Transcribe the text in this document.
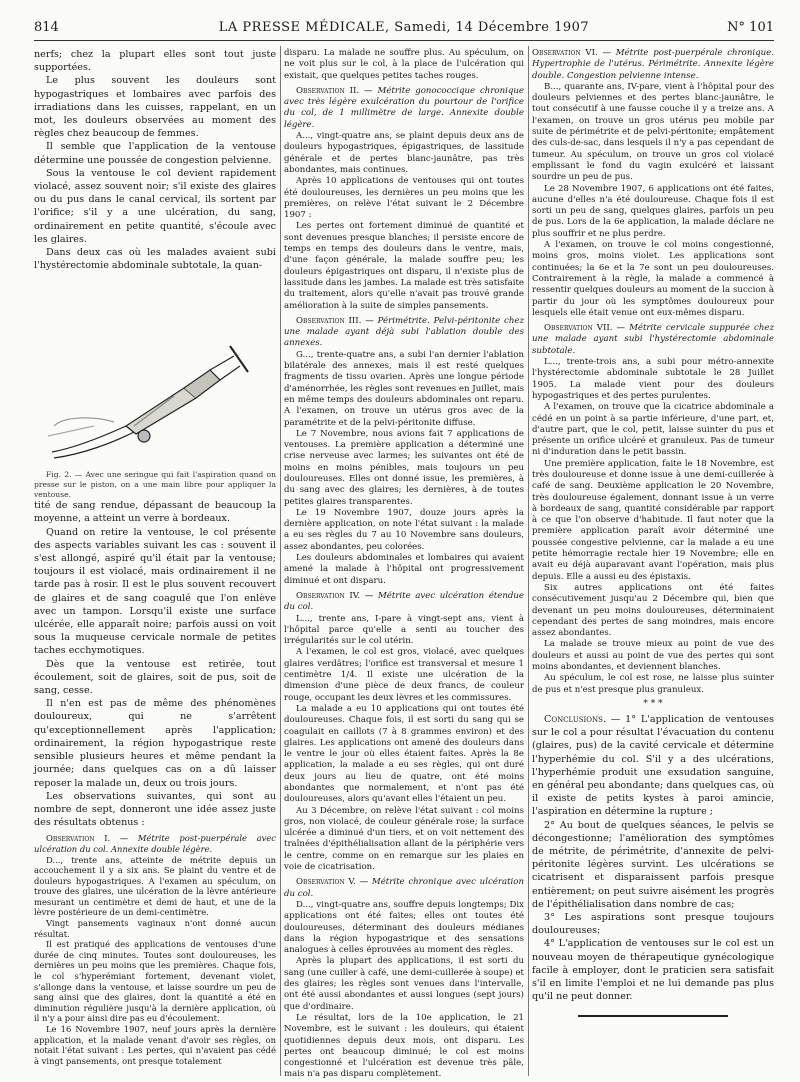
814	LA PRESSE MÉDICALE, Samedi, 14 Décembre 1907	N° 101

nerfs; chez la plupart elles sont tout juste supportées.

Le plus souvent les douleurs sont hypogastriques et lombaires avec parfois des irradiations dans les cuisses, rappelant, en un mot, les douleurs observées au moment des règles chez beaucoup de femmes.

Il semble que l'application de la ventouse détermine une poussée de congestion pelvienne.

Sous la ventouse le col devient rapidement violacé, assez souvent noir; s'il existe des glaires ou du pus dans le canal cervical, ils sortent par l'orifice; s'il y a une ulcération, du sang, ordinairement en petite quantité, s'écoule avec les glaires.

Dans deux cas où les malades avaient subi l'hystérectomie abdominale subtotale, la quan-

Fig. 2. — Avec une seringue qui fait l'aspiration quand on presse sur le piston, on a une main libre pour appliquer la ventouse.

tité de sang rendue, dépassant de beaucoup la moyenne, a atteint un verre à bordeaux.

Quand on retire la ventouse, le col présente des aspects variables suivant les cas : souvent il s'est allongé, aspiré qu'il était par la ventouse; toujours il est violacé, mais ordinairement il ne tarde pas à rosir. Il est le plus souvent recouvert de glaires et de sang coagulé que l'on enlève avec un tampon. Lorsqu'il existe une surface ulcérée, elle apparaît noire; parfois aussi on voit sous la muqueuse cervicale normale de petites taches ecchymotiques.

Dès que la ventouse est retirée, tout écoulement, soit de glaires, soit de pus, soit de sang, cesse.

Il n'en est pas de même des phénomènes douloureux, qui ne s'arrêtent qu'exceptionnellement après l'application; ordinairement, la région hypogastrique reste sensible plusieurs heures et même pendant la journée; dans quelques cas on a dû laisser reposer la malade un, deux ou trois jours.

Les observations suivantes, qui sont au nombre de sept, donneront une idée assez juste des résultats obtenus :

Observation I. — Métrite post-puerpérale avec ulcération du col. Annexite double légère.

D..., trente ans, atteinte de métrite depuis un accouchement il y a six ans. Se plaint du ventre et de douleurs hypogastriques. A l'examen au spéculum, on trouve des glaires, une ulcération de la lèvre antérieure mesurant un centimètre et demi de haut, et une de la lèvre postérieure de un demi-centimètre.

Vingt pansements vaginaux n'ont donné aucun résultat.

Il est pratiqué des applications de ventouses d'une durée de cinq minutes. Toutes sont douloureuses, les dernières un peu moins que les premières. Chaque fois, le col s'hyperémiant fortement, devenant violet, s'allonge dans la ventouse, et laisse sourdre un peu de sang ainsi que des glaires, dont la quantité a été en diminution régulière jusqu'à la dernière application, où il n'y a pour ainsi dire pas eu d'écoulement.

Le 16 Novembre 1907, neuf jours après la dernière application, et la malade venant d'avoir ses règles, on notait l'état suivant : Les pertes, qui n'avaient pas cédé à vingt pansements, ont presque totalement

disparu. La malade ne souffre plus. Au spéculum, on ne voit plus sur le col, à la place de l'ulcération qui existait, que quelques petites taches rouges.

Observation II. — Métrite gonococcique chronique avec très légère exulcération du pourtour de l'orifice du col, de 1 millimètre de large. Annexite double légère.

A..., vingt-quatre ans, se plaint depuis deux ans de douleurs hypogastriques, épigastriques, de lassitude générale et de pertes blanc-jaunâtre, pas très abondantes, mais continues.

Après 10 applications de ventouses qui ont toutes été douloureuses, les dernières un peu moins que les premières, on relève l'état suivant le 2 Décembre 1907 :

Les pertes ont fortement diminué de quantité et sont devenues presque blanches; il persiste encore de temps en temps des douleurs dans le ventre, mais, d'une façon générale, la malade souffre peu; les douleurs épigastriques ont disparu, il n'existe plus de lassitude dans les jambes. La malade est très satisfaite du traitement, alors qu'elle n'avait pas trouvé grande amélioration à la suite de simples pansements.

Observation III. — Périmétrite. Pelvi-péritonite chez une malade ayant déjà subi l'ablation double des annexes.

G..., trente-quatre ans, a subi l'an dernier l'ablation bilatérale des annexes, mais il est resté quelques fragments de tissu ovarien. Après une longue période d'aménorrhée, les règles sont revenues en Juillet, mais en même temps des douleurs abdominales ont reparu. A l'examen, on trouve un utérus gros avec de la paramétrite et de la pelvi-péritonite diffuse.

Le 7 Novembre, nous avions fait 7 applications de ventouses. La première application a déterminé une crise nerveuse avec larmes; les suivantes ont été de moins en moins pénibles, mais toujours un peu douloureuses. Elles ont donné issue, les premières, à du sang avec des glaires; les dernières, à de toutes petites glaires transparentes.

Le 19 Novembre 1907, douze jours après la dernière application, on note l'état suivant : la malade a eu ses règles du 7 au 10 Novembre sans douleurs, assez abondantes, peu colorées.

Les douleurs abdominales et lombaires qui avaient amené la malade à l'hôpital ont progressivement diminué et ont disparu.

Observation IV. — Métrite avec ulcération étendue du col.

L..., trente ans, I-pare à vingt-sept ans, vient à l'hôpital parce qu'elle a senti au toucher des irrégularités sur le col utérin.

A l'examen, le col est gros, violacé, avec quelques glaires verdâtres; l'orifice est transversal et mesure 1 centimètre 1/4. Il existe une ulcération de la dimension d'une pièce de deux francs, de couleur rouge, occupant les deux lèvres et les commissures.

La malade a eu 10 applications qui ont toutes été douloureuses. Chaque fois, il est sorti du sang qui se coagulait en caillots (7 à 8 grammes environ) et des glaires. Les applications ont amené des douleurs dans le ventre le jour où elles étaient faites. Après la 8e application, la malade a eu ses règles, qui ont duré deux jours au lieu de quatre, ont été moins abondantes que normalement, et n'ont pas été douloureuses, alors qu'avant elles l'étaient un peu.

Au 3 Décembre, on relève l'état suivant : col moins gros, non violacé, de couleur générale rose; la surface ulcérée a diminué d'un tiers, et on voit nettement des traînées d'épithélialisation allant de la périphérie vers le centre, comme on en remarque sur les plaies en voie de cicatrisation.

Observation V. — Métrite chronique avec ulcération du col.

D..., vingt-quatre ans, souffre depuis longtemps; Dix applications ont été faites; elles ont toutes été douloureuses, déterminant des douleurs médianes dans la région hypogastrique et des sensations analogues à celles éprouvées au moment des règles.

Après la plupart des applications, il est sorti du sang (une cuiller à café, une demi-cuillerée à soupe) et des glaires; les règles sont venues dans l'intervalle, ont été aussi abondantes et aussi longues (sept jours) que d'ordinaire.

Le résultat, lors de la 10e application, le 21 Novembre, est le suivant : les douleurs, qui étaient quotidiennes depuis deux mois, ont disparu. Les pertes ont beaucoup diminué; le col est moins congestionné et l'ulcération est devenue très pâle, mais n'a pas disparu complètement.

Observation VI. — Métrite post-puerpérale chronique. Hypertrophie de l'utérus. Périmétrite. Annexite légère double. Congestion pelvienne intense.

B..., quarante ans, IV-pare, vient à l'hôpital pour des douleurs pelviennes et des pertes blanc-jaunâtre, le tout consécutif à une fausse couche il y a treize ans. A l'examen, on trouve un gros utérus peu mobile par suite de périmétrite et de pelvi-péritonite; empâtement des culs-de-sac, dans lesquels il n'y a pas cependant de tumeur. Au spéculum, on trouve un gros col violacé emplissant le fond du vagin exulcéré et laissant sourdre un peu de pus.

Le 28 Novembre 1907, 6 applications ont été faites, aucune d'elles n'a été douloureuse. Chaque fois il est sorti un peu de sang, quelques glaires, parfois un peu de pus. Lors de la 6e application, la malade déclare ne plus souffrir et ne plus perdre.

A l'examen, on trouve le col moins congestionné, moins gros, moins violet. Les applications sont continuées; la 6e et la 7e sont un peu douloureuses. Contrairement à la règle, la malade a commencé à ressentir quelques douleurs au moment de la succion à partir du jour où les symptômes douloureux pour lesquels elle était venue ont eux-mêmes disparu.

Observation VII. — Métrite cervicale suppurée chez une malade ayant subi l'hystérectomie abdominale subtotale.

L..., trente-trois ans, a subi pour métro-annexite l'hystérectomie abdominale subtotale le 28 Juillet 1905. La malade vient pour des douleurs hypogastriques et des pertes purulentes.

A l'examen, on trouve que la cicatrice abdominale a cédé en un point à sa partie inférieure, d'une part, et, d'autre part, que le col, petit, laisse suinter du pus et présente un orifice ulcéré et granuleux. Pas de tumeur ni d'induration dans le petit bassin.

Une première application, faite le 18 Novembre, est très douloureuse et donne issue à une demi-cuillerée à café de sang. Deuxième application le 20 Novembre, très douloureuse également, donnant issue à un verre à bordeaux de sang, quantité considérable par rapport à ce que l'on observe d'habitude. Il faut noter que la première application paraît avoir déterminé une poussée congestive pelvienne, car la malade a eu une petite hémorragie rectale hier 19 Novembre; elle en avait eu déjà auparavant avant l'opération, mais plus depuis. Elle a aussi eu des épistaxis.

Six autres applications ont été faites consécutivement jusqu'au 2 Décembre qui, bien que devenant un peu moins douloureuses, déterminaient cependant des pertes de sang moindres, mais encore assez abondantes.

La malade se trouve mieux au point de vue des douleurs et aussi au point de vue des pertes qui sont moins abondantes, et deviennent blanches.

Au spéculum, le col est rose, ne laisse plus suinter de pus et n'est presque plus granuleux.

* * *

Conclusions. — 1° L'application de ventouses sur le col a pour résultat l'évacuation du contenu (glaires, pus) de la cavité cervicale et détermine l'hyperhémie du col. S'il y a des ulcérations, l'hyperhémie produit une exsudation sanguine, en général peu abondante; dans quelques cas, où il existe de petits kystes à paroi amincie, l'aspiration en détermine la rupture ;

2° Au bout de quelques séances, le pelvis se décongestionne; l'amélioration des symptômes de métrite, de périmétrite, d'annexite de pelvi-péritonite légères survint. Les ulcérations se cicatrisent et disparaissent parfois presque entièrement; on peut suivre aisément les progrès de l'épithélialisation dans nombre de cas;

3° Les aspirations sont presque toujours douloureuses;

4° L'application de ventouses sur le col est un nouveau moyen de thérapeutique gynécologique facile à employer, dont le praticien sera satisfait s'il en limite l'emploi et ne lui demande pas plus qu'il ne peut donner.
